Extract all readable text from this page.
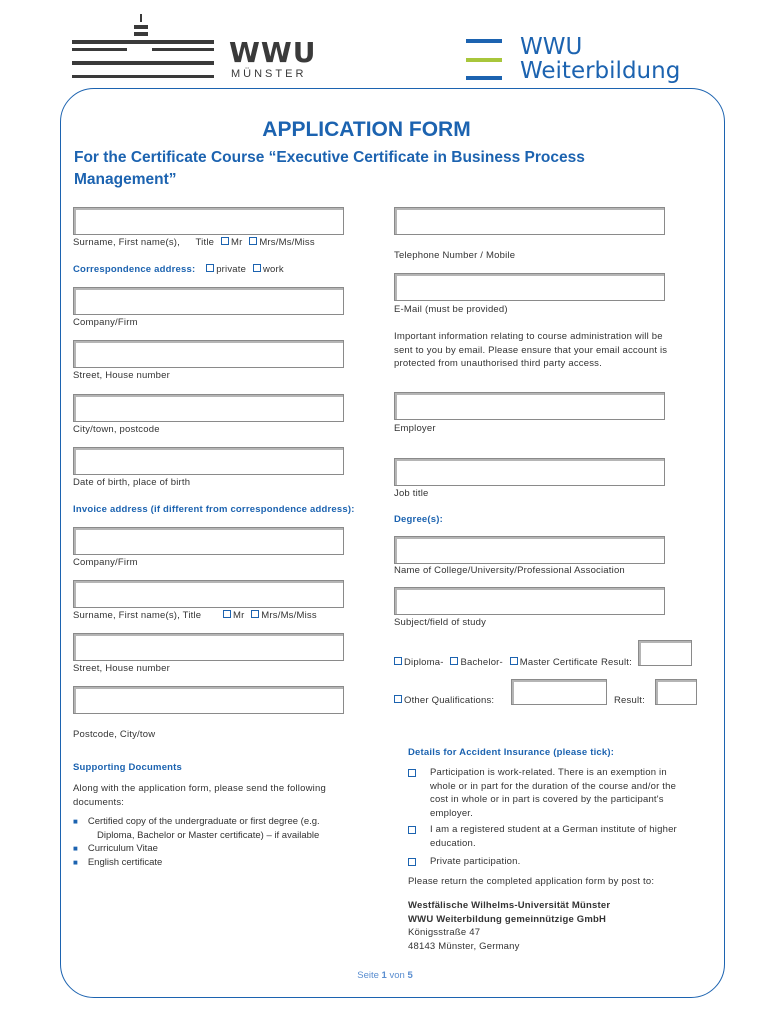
WWU
MÜNSTER
WWU
Weiterbildung
APPLICATION FORM
For the Certificate Course “Executive Certificate in Business Process
Management”
Surname, First name(s), Title Mr Mrs/Ms/Miss
Correspondence address: private work
Company/Firm
Street, House number
City/town, postcode
Date of birth, place of birth
Invoice address (if different from correspondence address):
Company/Firm
Surname, First name(s), Title	Mr Mrs/Ms/Miss
Street, House number
Postcode, City/tow
Supporting Documents
Along with the application form, please send the following
documents:
■ Certified copy of the undergraduate or first degree (e.g.
Diploma, Bachelor or Master certificate) – if available
■ Curriculum Vitae
■ English certificate
Telephone Number / Mobile
E-Mail (must be provided)
Important information relating to course administration will be
sent to you by email. Please ensure that your email account is
protected from unauthorised third party access.
Employer
Job title
Degree(s):
Name of College/University/Professional Association
Subject/field of study
Diploma- Bachelor- Master Certificate Result:
Other Qualifications:	Result:
Details for Accident Insurance (please tick):
Participation is work-related. There is an exemption in
whole or in part for the duration of the course and/or the
cost in whole or in part is covered by the participant's
employer.
I am a registered student at a German institute of higher
education.
Private participation.
Please return the completed application form by post to:
Westfälische Wilhelms-Universität Münster
WWU Weiterbildung gemeinnützige GmbH
Königsstraße 47
48143 Münster, Germany
Seite 1 von 5
